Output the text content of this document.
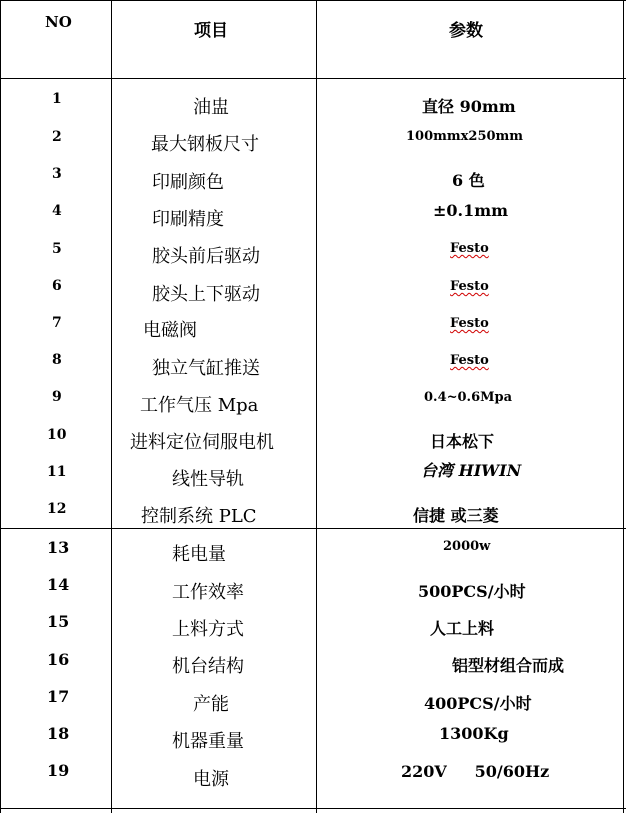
NO	项目	参数
1	油盅	直径 90mm
2	最大钢板尺寸	100mmx250mm
3	印刷颜色	6 色
4	印刷精度	±0.1mm
5	胶头前后驱动	Festo
6	胶头上下驱动	Festo
7	电磁阀	Festo
8	独立气缸推送	Festo
9	工作气压 Mpa	0.4~0.6Mpa
10	进料定位伺服电机	日本松下
11	线性导轨	台湾 HIWIN
12	控制系统 PLC	信捷 或三菱
13	耗电量	2000w
14	工作效率	500PCS/小时
15	上料方式	人工上料
16	机台结构	铝型材组合而成
17	产能	400PCS/小时
18	机器重量	1300Kg
19	电源	220V     50/60Hz
